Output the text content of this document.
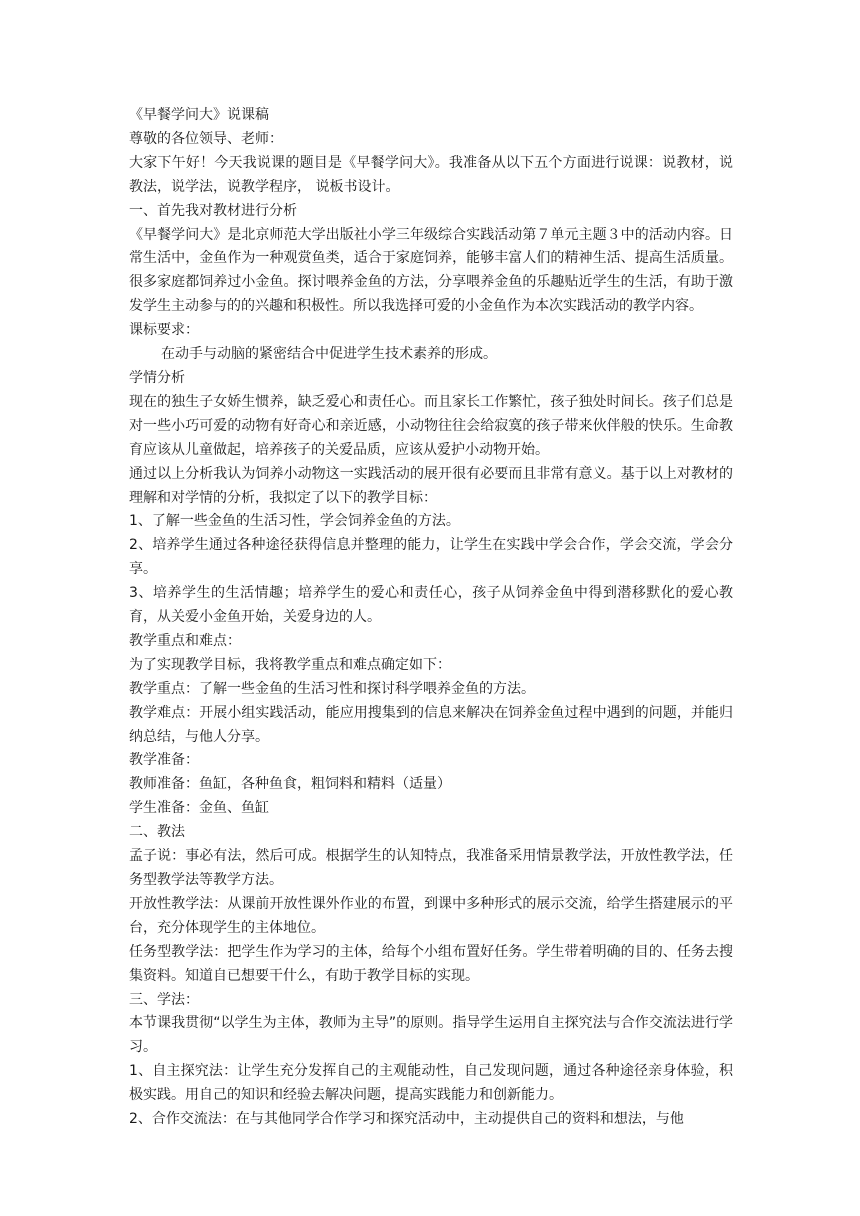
《早餐学问大》说课稿

尊敬的各位领导、老师：

大家下午好！今天我说课的题目是《早餐学问大》。我准备从以下五个方面进行说课：说教材，说教法，说学法，说教学程序， 说板书设计。

一、首先我对教材进行分析

《早餐学问大》是北京师范大学出版社小学三年级综合实践活动第７单元主题３中的活动内容。日常生活中，金鱼作为一种观赏鱼类，适合于家庭饲养，能够丰富人们的精神生活、提高生活质量。很多家庭都饲养过小金鱼。探讨喂养金鱼的方法，分享喂养金鱼的乐趣贴近学生的生活，有助于激发学生主动参与的的兴趣和积极性。所以我选择可爱的小金鱼作为本次实践活动的教学内容。

课标要求：

在动手与动脑的紧密结合中促进学生技术素养的形成。

学情分析

现在的独生子女娇生惯养，缺乏爱心和责任心。而且家长工作繁忙，孩子独处时间长。孩子们总是对一些小巧可爱的动物有好奇心和亲近感，小动物往往会给寂寞的孩子带来伙伴般的快乐。生命教育应该从儿童做起，培养孩子的关爱品质，应该从爱护小动物开始。

通过以上分析我认为饲养小动物这一实践活动的展开很有必要而且非常有意义。基于以上对教材的理解和对学情的分析，我拟定了以下的教学目标：

1、了解一些金鱼的生活习性，学会饲养金鱼的方法。

2、培养学生通过各种途径获得信息并整理的能力，让学生在实践中学会合作，学会交流，学会分享。

3、培养学生的生活情趣；培养学生的爱心和责任心，孩子从饲养金鱼中得到潜移默化的爱心教育，从关爱小金鱼开始，关爱身边的人。

教学重点和难点：

为了实现教学目标，我将教学重点和难点确定如下：

教学重点：了解一些金鱼的生活习性和探讨科学喂养金鱼的方法。

教学难点：开展小组实践活动，能应用搜集到的信息来解决在饲养金鱼过程中遇到的问题，并能归纳总结，与他人分享。

教学准备：

教师准备：鱼缸，各种鱼食，粗饲料和精料（适量）

学生准备：金鱼、鱼缸

二、教法

孟子说：事必有法，然后可成。根据学生的认知特点，我准备采用情景教学法，开放性教学法，任务型教学法等教学方法。

开放性教学法：从课前开放性课外作业的布置，到课中多种形式的展示交流，给学生搭建展示的平台，充分体现学生的主体地位。

任务型教学法：把学生作为学习的主体，给每个小组布置好任务。学生带着明确的目的、任务去搜集资料。知道自已想要干什么，有助于教学目标的实现。

三、学法：

本节课我贯彻“以学生为主体，教师为主导”的原则。指导学生运用自主探究法与合作交流法进行学习。

1、自主探究法：让学生充分发挥自己的主观能动性，自己发现问题，通过各种途径亲身体验，积极实践。用自己的知识和经验去解决问题，提高实践能力和创新能力。

2、合作交流法：在与其他同学合作学习和探究活动中，主动提供自己的资料和想法，与他
